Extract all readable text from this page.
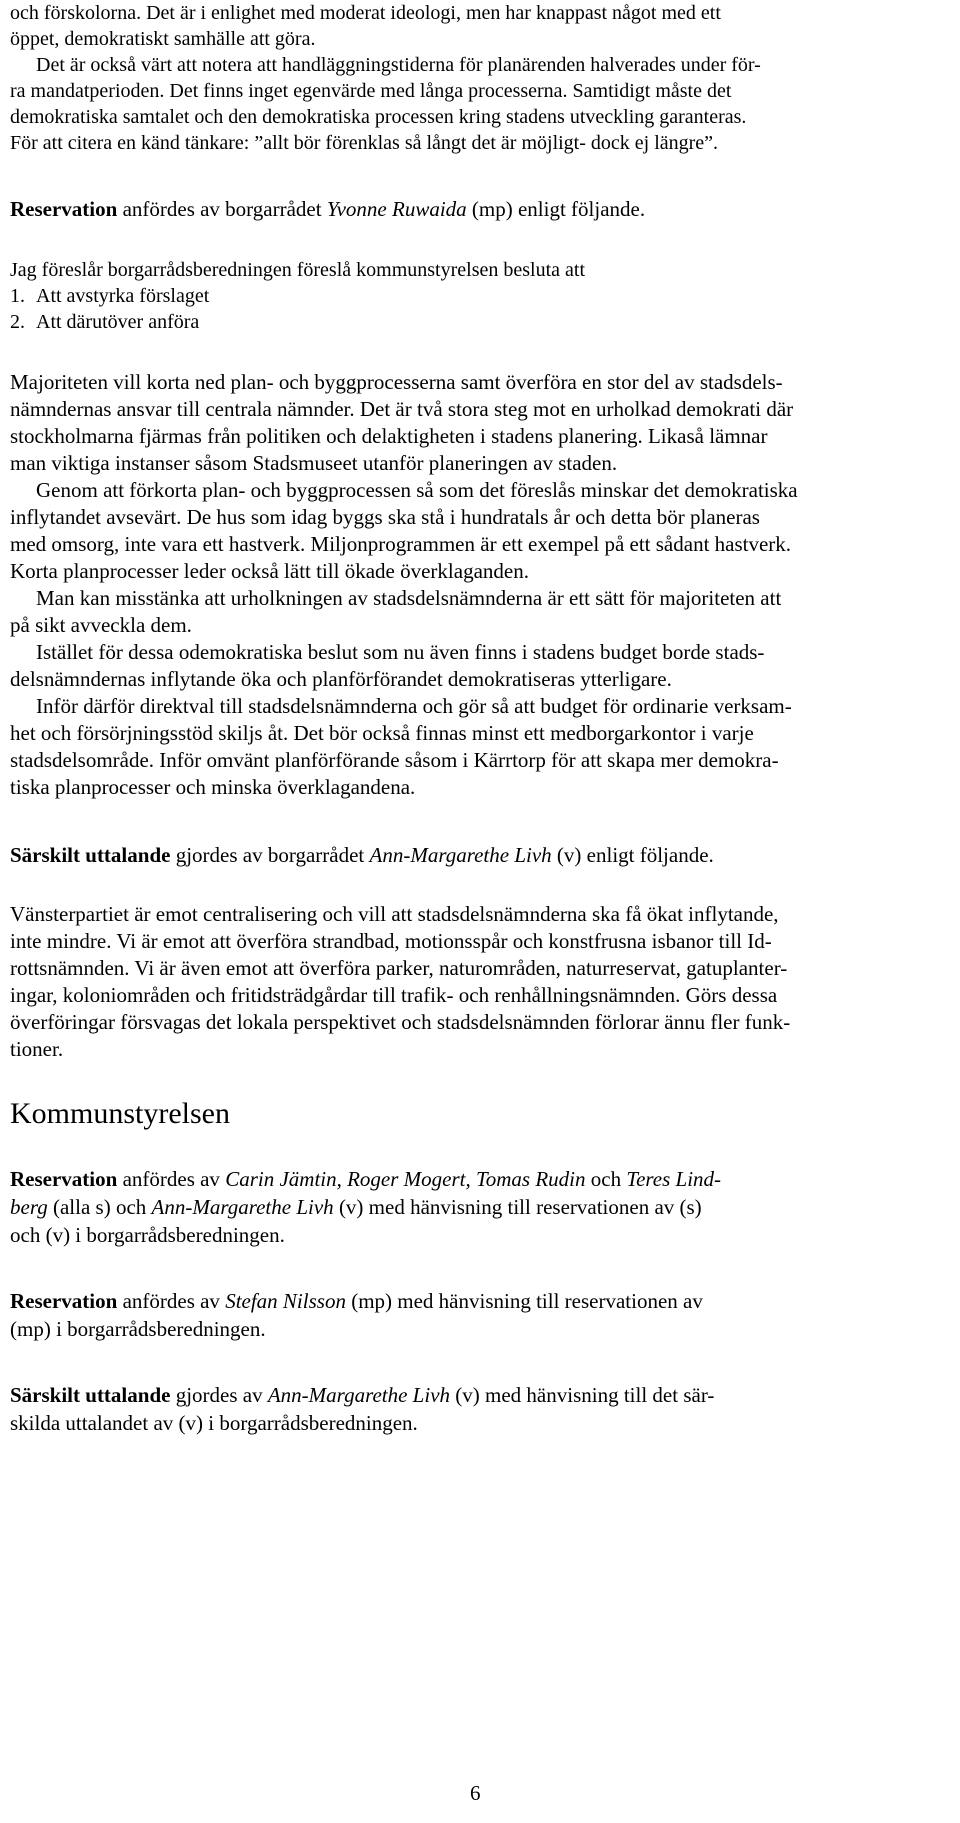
och förskolorna. Det är i enlighet med moderat ideologi, men har knappast något med ett
öppet, demokratiskt samhälle att göra.
Det är också värt att notera att handläggningstiderna för planärenden halverades under för-
ra mandatperioden. Det finns inget egenvärde med långa processerna. Samtidigt måste det
demokratiska samtalet och den demokratiska processen kring stadens utveckling garanteras.
För att citera en känd tänkare: ”allt bör förenklas så långt det är möjligt- dock ej längre”.
Reservation anfördes av borgarrådet Yvonne Ruwaida (mp) enligt följande.
Jag föreslår borgarrådsberedningen föreslå kommunstyrelsen besluta att
1. Att avstyrka förslaget
2. Att därutöver anföra
Majoriteten vill korta ned plan- och byggprocesserna samt överföra en stor del av stadsdels-
nämndernas ansvar till centrala nämnder. Det är två stora steg mot en urholkad demokrati där
stockholmarna fjärmas från politiken och delaktigheten i stadens planering. Likaså lämnar
man viktiga instanser såsom Stadsmuseet utanför planeringen av staden.
Genom att förkorta plan- och byggprocessen så som det föreslås minskar det demokratiska
inflytandet avsevärt. De hus som idag byggs ska stå i hundratals år och detta bör planeras
med omsorg, inte vara ett hastverk. Miljonprogrammen är ett exempel på ett sådant hastverk.
Korta planprocesser leder också lätt till ökade överklaganden.
Man kan misstänka att urholkningen av stadsdelsnämnderna är ett sätt för majoriteten att
på sikt avveckla dem.
Istället för dessa odemokratiska beslut som nu även finns i stadens budget borde stads-
delsnämndernas inflytande öka och planförförandet demokratiseras ytterligare.
Inför därför direktval till stadsdelsnämnderna och gör så att budget för ordinarie verksam-
het och försörjningsstöd skiljs åt. Det bör också finnas minst ett medborgarkontor i varje
stadsdelsområde. Inför omvänt planförförande såsom i Kärrtorp för att skapa mer demokra-
tiska planprocesser och minska överklagandena.
Särskilt uttalande gjordes av borgarrådet Ann-Margarethe Livh (v) enligt följande.
Vänsterpartiet är emot centralisering och vill att stadsdelsnämnderna ska få ökat inflytande,
inte mindre. Vi är emot att överföra strandbad, motionsspår och konstfrusna isbanor till Id-
rottsnämnden. Vi är även emot att överföra parker, naturområden, naturreservat, gatuplanter-
ingar, koloniområden och fritidsträdgårdar till trafik- och renhållningsnämnden. Görs dessa
överföringar försvagas det lokala perspektivet och stadsdelsnämnden förlorar ännu fler funk-
tioner.
Kommunstyrelsen
Reservation anfördes av Carin Jämtin, Roger Mogert, Tomas Rudin och Teres Lind-
berg (alla s) och Ann-Margarethe Livh (v) med hänvisning till reservationen av (s)
och (v) i borgarrådsberedningen.
Reservation anfördes av Stefan Nilsson (mp) med hänvisning till reservationen av
(mp) i borgarrådsberedningen.
Särskilt uttalande gjordes av Ann-Margarethe Livh (v) med hänvisning till det sär-
skilda uttalandet av (v) i borgarrådsberedningen.
6
